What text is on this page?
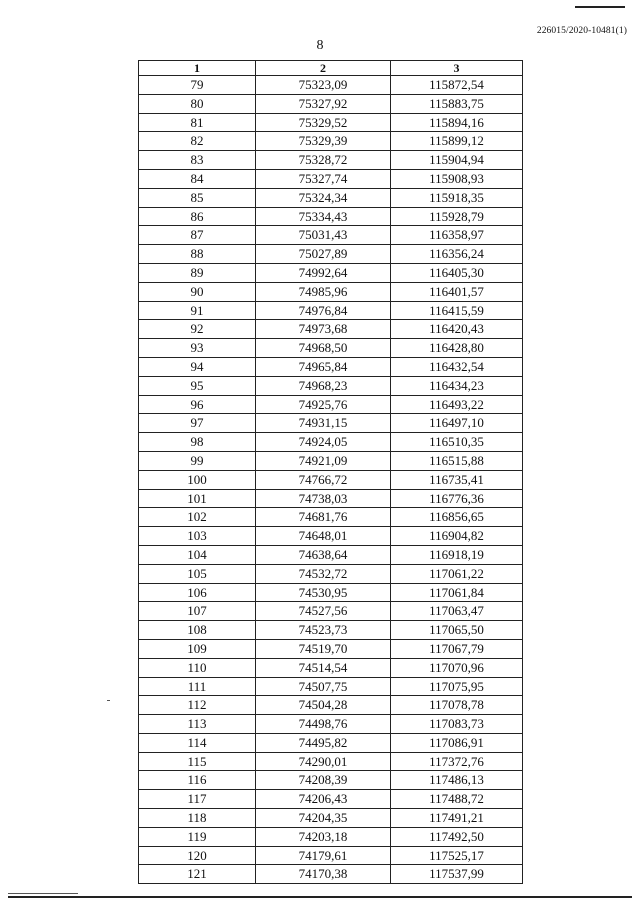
226015/2020-10481(1)
8
1	2	3
79	75323,09	115872,54
80	75327,92	115883,75
81	75329,52	115894,16
82	75329,39	115899,12
83	75328,72	115904,94
84	75327,74	115908,93
85	75324,34	115918,35
86	75334,43	115928,79
87	75031,43	116358,97
88	75027,89	116356,24
89	74992,64	116405,30
90	74985,96	116401,57
91	74976,84	116415,59
92	74973,68	116420,43
93	74968,50	116428,80
94	74965,84	116432,54
95	74968,23	116434,23
96	74925,76	116493,22
97	74931,15	116497,10
98	74924,05	116510,35
99	74921,09	116515,88
100	74766,72	116735,41
101	74738,03	116776,36
102	74681,76	116856,65
103	74648,01	116904,82
104	74638,64	116918,19
105	74532,72	117061,22
106	74530,95	117061,84
107	74527,56	117063,47
108	74523,73	117065,50
109	74519,70	117067,79
110	74514,54	117070,96
111	74507,75	117075,95
112	74504,28	117078,78
113	74498,76	117083,73
114	74495,82	117086,91
115	74290,01	117372,76
116	74208,39	117486,13
117	74206,43	117488,72
118	74204,35	117491,21
119	74203,18	117492,50
120	74179,61	117525,17
121	74170,38	117537,99
